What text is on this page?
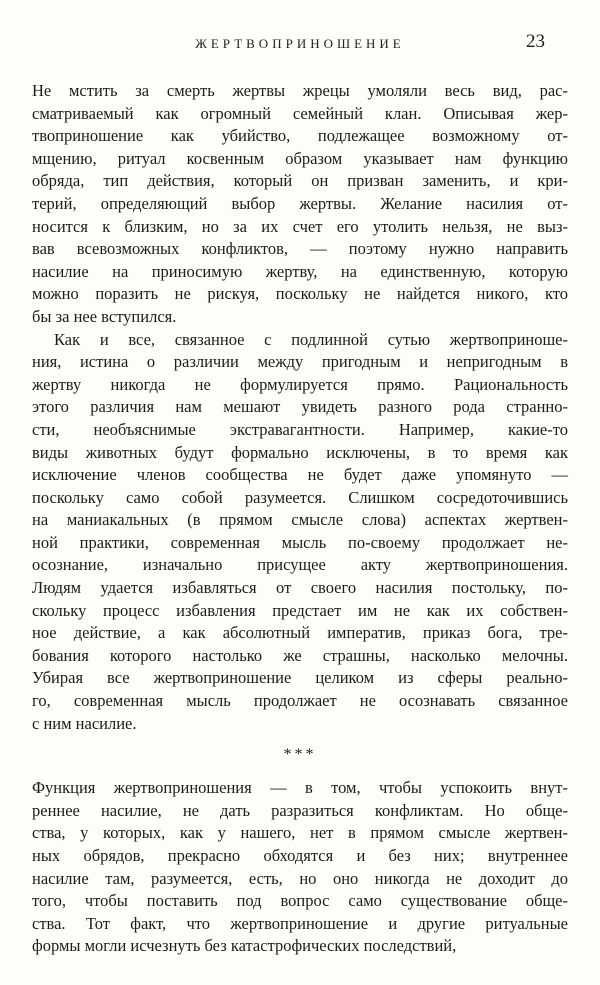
ЖЕРТВОПРИНОШЕНИЕ	23
Не мстить за смерть жертвы жрецы умоляли весь вид, рас-
сматриваемый как огромный семейный клан. Описывая жер-
твоприношение как убийство, подлежащее возможному от-
мщению, ритуал косвенным образом указывает нам функцию
обряда, тип действия, который он призван заменить, и кри-
терий, определяющий выбор жертвы. Желание насилия от-
носится к близким, но за их счет его утолить нельзя, не выз-
вав всевозможных конфликтов, — поэтому нужно направить
насилие на приносимую жертву, на единственную, которую
можно поразить не рискуя, поскольку не найдется никого, кто
бы за нее вступился.
Как и все, связанное с подлинной сутью жертвоприноше-
ния, истина о различии между пригодным и непригодным в
жертву никогда не формулируется прямо. Рациональность
этого различия нам мешают увидеть разного рода странно-
сти, необъяснимые экстравагантности. Например, какие-то
виды животных будут формально исключены, в то время как
исключение членов сообщества не будет даже упомянуто —
поскольку само собой разумеется. Слишком сосредоточившись
на маниакальных (в прямом смысле слова) аспектах жертвен-
ной практики, современная мысль по-своему продолжает не-
осознание, изначально присущее акту жертвоприношения.
Людям удается избавляться от своего насилия постольку, по-
скольку процесс избавления предстает им не как их собствен-
ное действие, а как абсолютный императив, приказ бога, тре-
бования которого настолько же страшны, насколько мелочны.
Убирая все жертвоприношение целиком из сферы реально-
го, современная мысль продолжает не осознавать связанное
с ним насилие.
***
Функция жертвоприношения — в том, чтобы успокоить внут-
реннее насилие, не дать разразиться конфликтам. Но обще-
ства, у которых, как у нашего, нет в прямом смысле жертвен-
ных обрядов, прекрасно обходятся и без них; внутреннее
насилие там, разумеется, есть, но оно никогда не доходит до
того, чтобы поставить под вопрос само существование обще-
ства. Тот факт, что жертвоприношение и другие ритуальные
формы могли исчезнуть без катастрофических последствий,
